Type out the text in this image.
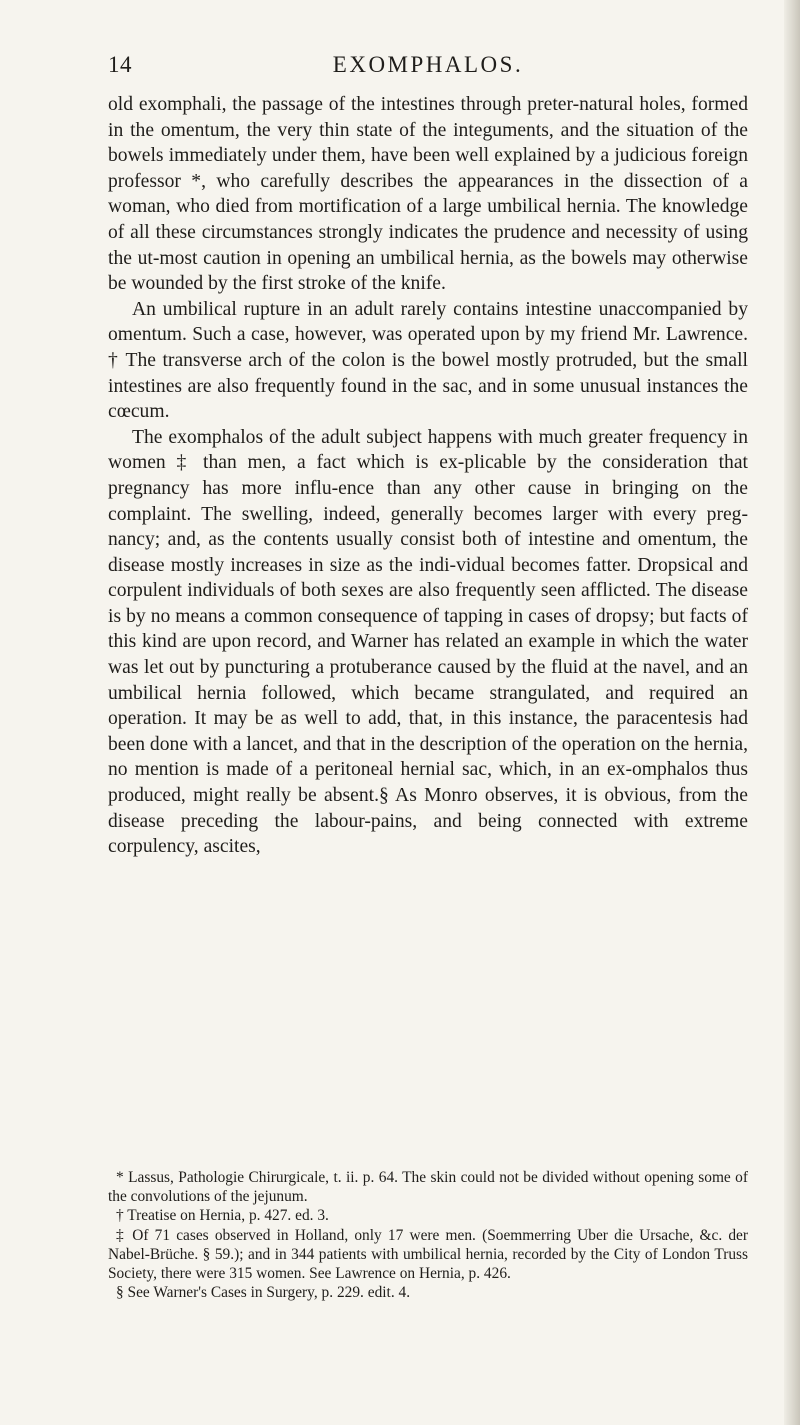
14	EXOMPHALOS.

old exomphali, the passage of the intestines through preter-natural holes, formed in the omentum, the very thin state of the integuments, and the situation of the bowels immediately under them, have been well explained by a judicious foreign professor *, who carefully describes the appearances in the dissection of a woman, who died from mortification of a large umbilical hernia. The knowledge of all these circumstances strongly indicates the prudence and necessity of using the ut-most caution in opening an umbilical hernia, as the bowels may otherwise be wounded by the first stroke of the knife.

An umbilical rupture in an adult rarely contains intestine unaccompanied by omentum. Such a case, however, was operated upon by my friend Mr. Lawrence. † The transverse arch of the colon is the bowel mostly protruded, but the small intestines are also frequently found in the sac, and in some unusual instances the cœcum.

The exomphalos of the adult subject happens with much greater frequency in women ‡ than men, a fact which is ex-plicable by the consideration that pregnancy has more influ-ence than any other cause in bringing on the complaint. The swelling, indeed, generally becomes larger with every preg-nancy; and, as the contents usually consist both of intestine and omentum, the disease mostly increases in size as the indi-vidual becomes fatter. Dropsical and corpulent individuals of both sexes are also frequently seen afflicted. The disease is by no means a common consequence of tapping in cases of dropsy; but facts of this kind are upon record, and Warner has related an example in which the water was let out by puncturing a protuberance caused by the fluid at the navel, and an umbilical hernia followed, which became strangulated, and required an operation. It may be as well to add, that, in this instance, the paracentesis had been done with a lancet, and that in the description of the operation on the hernia, no mention is made of a peritoneal hernial sac, which, in an ex-omphalos thus produced, might really be absent.§ As Monro observes, it is obvious, from the disease preceding the labour-pains, and being connected with extreme corpulency, ascites,

* Lassus, Pathologie Chirurgicale, t. ii. p. 64. The skin could not be divided without opening some of the convolutions of the jejunum.

† Treatise on Hernia, p. 427. ed. 3.

‡ Of 71 cases observed in Holland, only 17 were men. (Soemmerring Uber die Ursache, &c. der Nabel-Brüche. § 59.); and in 344 patients with umbilical hernia, recorded by the City of London Truss Society, there were 315 women. See Lawrence on Hernia, p. 426.

§ See Warner's Cases in Surgery, p. 229. edit. 4.
